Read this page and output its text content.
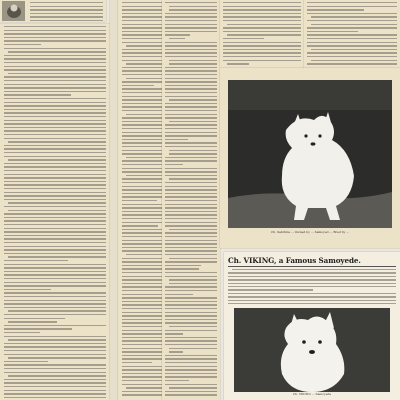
Ch. Sabrinia ... Owned by ... Samoyed ... Bred by ...
Ch. VIKING, a Famous Samoyede.
Ch. VIKING ... Samoyede
